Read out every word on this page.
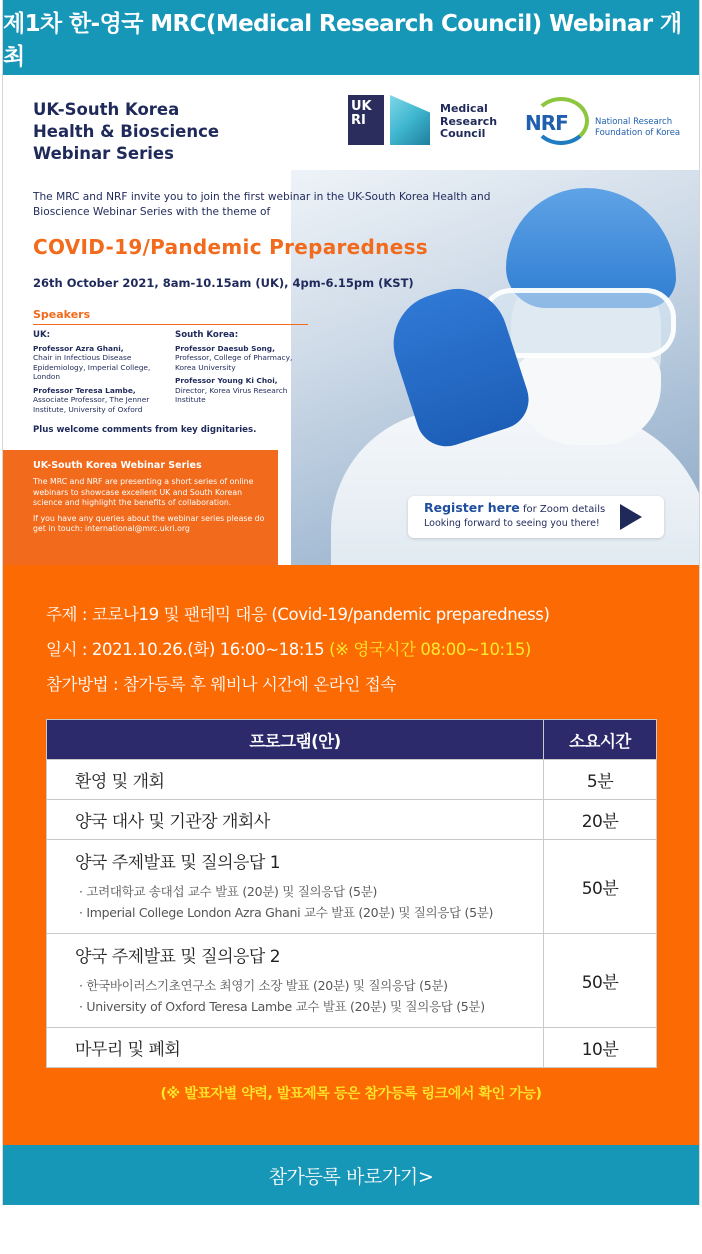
제1차 한-영국 MRC(Medical Research Council) Webinar 개최
UK-South Korea
Health & Bioscience
Webinar Series
UK RI
Medical
Research
Council	NRF	National Research
Foundation of Korea
The MRC and NRF invite you to join the first webinar in the UK-South Korea Health and Bioscience Webinar Series with the theme of
COVID-19/Pandemic Preparedness
26th October 2021, 8am-10.15am (UK), 4pm-6.15pm (KST)
Speakers
UK:
Professor Azra Ghani,
Chair in Infectious Disease Epidemiology, Imperial College, London
Professor Teresa Lambe,
Associate Professor, The Jenner Institute, University of Oxford
South Korea:
Professor Daesub Song,
Professor, College of Pharmacy, Korea University
Professor Young Ki Choi,
Director, Korea Virus Research Institute
Plus welcome comments from key dignitaries.
UK-South Korea Webinar Series
The MRC and NRF are presenting a short series of online webinars to showcase excellent UK and South Korean science and highlight the benefits of collaboration.
If you have any queries about the webinar series please do get in touch: international@mrc.ukri.org
Register here for Zoom details
Looking forward to seeing you there!
주제 : 코로나19 및 팬데믹 대응 (Covid-19/pandemic preparedness)
일시 : 2021.10.26.(화) 16:00~18:15 (※ 영국시간 08:00~10:15)
참가방법 : 참가등록 후 웨비나 시간에 온라인 접속
프로그램(안)	소요시간
환영 및 개회	5분
양국 대사 및 기관장 개회사	20분

양국 주제발표 및 질의응답 1
· 고려대학교 송대섭 교수 발표 (20분) 및 질의응답 (5분)
· Imperial College London Azra Ghani 교수 발표 (20분) 및 질의응답 (5분)	50분

양국 주제발표 및 질의응답 2
· 한국바이러스기초연구소 최영기 소장 발표 (20분) 및 질의응답 (5분)
· University of Oxford Teresa Lambe 교수 발표 (20분) 및 질의응답 (5분)	50분
마무리 및 폐회	10분
(※ 발표자별 약력, 발표제목 등은 참가등록 링크에서 확인 가능)
참가등록 바로가기>
